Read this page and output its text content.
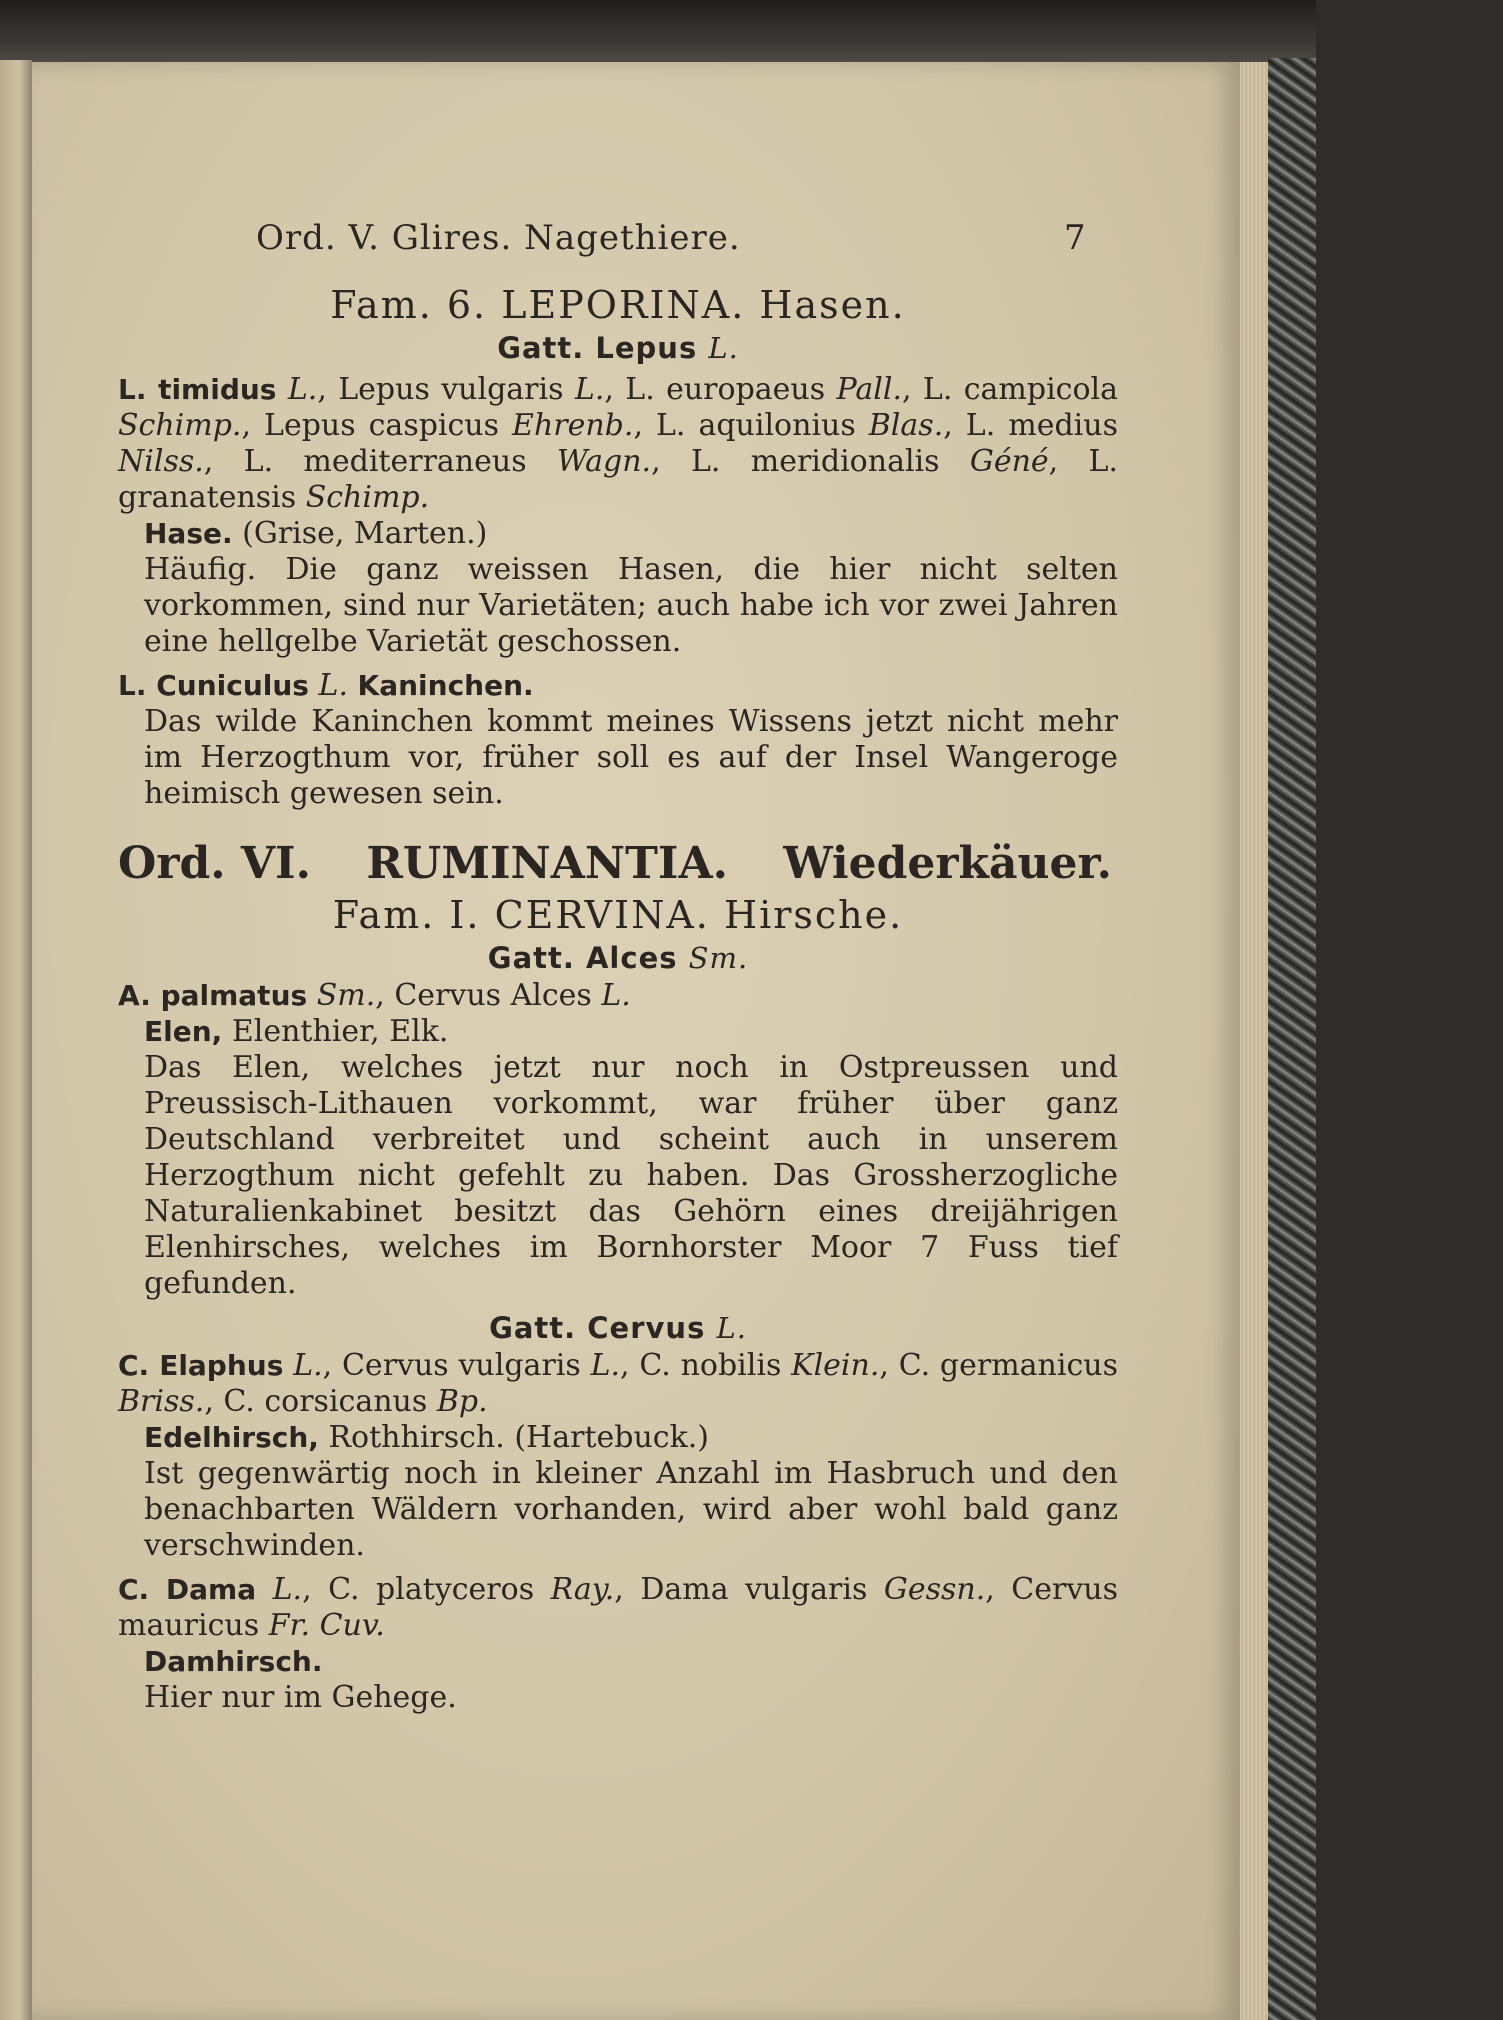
Ord. V. Glires. Nagethiere.	7
Fam. 6. LEPORINA. Hasen.
Gatt. Lepus L.
L. timidus L., Lepus vulgaris L., L. europaeus Pall., L. campicola Schimp., Lepus caspicus Ehrenb., L. aquilonius Blas., L. medius Nilss., L. mediterraneus Wagn., L. meridionalis Géné, L. granatensis Schimp.
Hase. (Grise, Marten.)

Häufig. Die ganz weissen Hasen, die hier nicht selten vorkommen, sind nur Varietäten; auch habe ich vor zwei Jahren eine hellgelbe Varietät geschossen.

L. Cuniculus L. Kaninchen.

Das wilde Kaninchen kommt meines Wissens jetzt nicht mehr im Herzogthum vor, früher soll es auf der Insel Wangeroge heimisch gewesen sein.

Ord. VI. RUMINANTIA. Wiederkäuer.
Fam. I. CERVINA. Hirsche.
Gatt. Alces Sm.
A. palmatus Sm., Cervus Alces L.
Elen, Elenthier, Elk.

Das Elen, welches jetzt nur noch in Ostpreussen und Preussisch-Lithauen vorkommt, war früher über ganz Deutschland verbreitet und scheint auch in unserem Herzogthum nicht gefehlt zu haben. Das Grossherzogliche Naturalienkabinet besitzt das Gehörn eines dreijährigen Elenhirsches, welches im Bornhorster Moor 7 Fuss tief gefunden.

Gatt. Cervus L.
C. Elaphus L., Cervus vulgaris L., C. nobilis Klein., C. germanicus Briss., C. corsicanus Bp.
Edelhirsch, Rothhirsch. (Hartebuck.)

Ist gegenwärtig noch in kleiner Anzahl im Hasbruch und den benachbarten Wäldern vorhanden, wird aber wohl bald ganz verschwinden.

C. Dama L., C. platyceros Ray., Dama vulgaris Gessn., Cervus mauricus Fr. Cuv.
Damhirsch.

Hier nur im Gehege.
